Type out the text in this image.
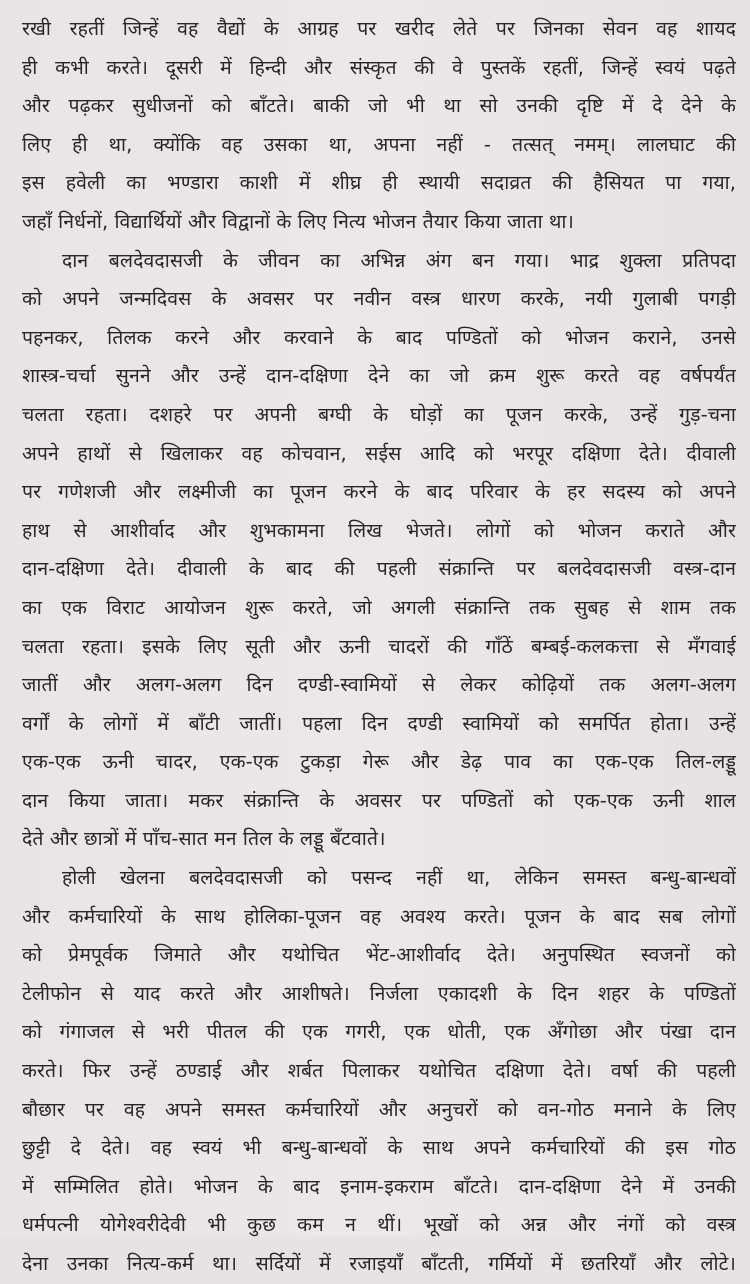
रखी रहतीं जिन्हें वह वैद्यों के आग्रह पर खरीद लेते पर जिनका सेवन वह शायद
ही कभी करते। दूसरी में हिन्दी और संस्कृत की वे पुस्तकें रहतीं, जिन्हें स्वयं पढ़ते
और पढ़कर सुधीजनों को बाँटते। बाकी जो भी था सो उनकी दृष्टि में दे देने के
लिए ही था, क्योंकि वह उसका था, अपना नहीं - तत्सत् नमम्। लालघाट की
इस हवेली का भण्डारा काशी में शीघ्र ही स्थायी सदाव्रत की हैसियत पा गया,
जहाँ निर्धनों, विद्यार्थियों और विद्वानों के लिए नित्य भोजन तैयार किया जाता था।
दान बलदेवदासजी के जीवन का अभिन्न अंग बन गया। भाद्र शुक्ला प्रतिपदा
को अपने जन्मदिवस के अवसर पर नवीन वस्त्र धारण करके, नयी गुलाबी पगड़ी
पहनकर, तिलक करने और करवाने के बाद पण्डितों को भोजन कराने, उनसे
शास्त्र-चर्चा सुनने और उन्हें दान-दक्षिणा देने का जो क्रम शुरू करते वह वर्षपर्यंत
चलता रहता। दशहरे पर अपनी बग्घी के घोड़ों का पूजन करके, उन्हें गुड़-चना
अपने हाथों से खिलाकर वह कोचवान, सईस आदि को भरपूर दक्षिणा देते। दीवाली
पर गणेशजी और लक्ष्मीजी का पूजन करने के बाद परिवार के हर सदस्य को अपने
हाथ से आशीर्वाद और शुभकामना लिख भेजते। लोगों को भोजन कराते और
दान-दक्षिणा देते। दीवाली के बाद की पहली संक्रान्ति पर बलदेवदासजी वस्त्र-दान
का एक विराट आयोजन शुरू करते, जो अगली संक्रान्ति तक सुबह से शाम तक
चलता रहता। इसके लिए सूती और ऊनी चादरों की गाँठें बम्बई-कलकत्ता से मँगवाई
जातीं और अलग-अलग दिन दण्डी-स्वामियों से लेकर कोढ़ियों तक अलग-अलग
वर्गों के लोगों में बाँटी जातीं। पहला दिन दण्डी स्वामियों को समर्पित होता। उन्हें
एक-एक ऊनी चादर, एक-एक टुकड़ा गेरू और डेढ़ पाव का एक-एक तिल-लड्डू
दान किया जाता। मकर संक्रान्ति के अवसर पर पण्डितों को एक-एक ऊनी शाल
देते और छात्रों में पाँच-सात मन तिल के लड्डू बँटवाते।
होली खेलना बलदेवदासजी को पसन्द नहीं था, लेकिन समस्त बन्धु-बान्धवों
और कर्मचारियों के साथ होलिका-पूजन वह अवश्य करते। पूजन के बाद सब लोगों
को प्रेमपूर्वक जिमाते और यथोचित भेंट-आशीर्वाद देते। अनुपस्थित स्वजनों को
टेलीफोन से याद करते और आशीषते। निर्जला एकादशी के दिन शहर के पण्डितों
को गंगाजल से भरी पीतल की एक गगरी, एक धोती, एक अँगोछा और पंखा दान
करते। फिर उन्हें ठण्डाई और शर्बत पिलाकर यथोचित दक्षिणा देते। वर्षा की पहली
बौछार पर वह अपने समस्त कर्मचारियों और अनुचरों को वन-गोठ मनाने के लिए
छुट्टी दे देते। वह स्वयं भी बन्धु-बान्धवों के साथ अपने कर्मचारियों की इस गोठ
में सम्मिलित होते। भोजन के बाद इनाम-इकराम बाँटते। दान-दक्षिणा देने में उनकी
धर्मपत्नी योगेश्वरीदेवी भी कुछ कम न थीं। भूखों को अन्न और नंगों को वस्त्र
देना उनका नित्य-कर्म था। सर्दियों में रजाइयाँ बाँटती, गर्मियों में छतरियाँ और लोटे।
